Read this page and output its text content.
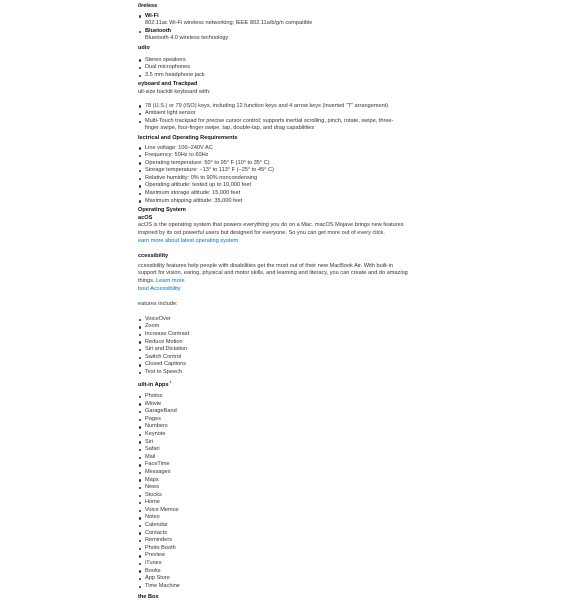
/ireless
Wi-Fi
802.11ac Wi-Fi wireless networking; IEEE 802.11a/b/g/n compatible
Bluetooth
Bluetooth 4.0 wireless technology
udio
Stereo speakers
Dual microphones
3.5 mm headphone jack
eyboard and Trackpad
ull-size backlit keyboard with:
78 (U.S.) or 79 (ISO) keys, including 12 function keys and 4 arrow keys (inverted “T” arrangement)
Ambient light sensor
Multi-Touch trackpad for precise cursor control; supports inertial scrolling, pinch, rotate, swipe, three-finger swipe, four-finger swipe, tap, double-tap, and drag capabilities
lectrical and Operating Requirements
Line voltage: 100–240V AC
Frequency: 50Hz to 60Hz
Operating temperature: 50° to 95° F (10° to 35° C)
Storage temperature: −13° to 113° F (−25° to 45° C)
Relative humidity: 0% to 90% noncondensing
Operating altitude: tested up to 10,000 feet
Maximum storage altitude: 15,000 feet
Maximum shipping altitude: 35,000 feet
Operating System
acOS
acOS is the operating system that powers everything you do on a Mac. macOS Mojave brings new features inspired by its ost powerful users but designed for everyone. So you can get more out of every click.
earn more about latest operating system
ccessibility
ccessibility features help people with disabilities get the most out of their new MacBook Air. With built-in support for vision, earing, physical and motor skills, and learning and literacy, you can create and do amazing things. Learn more
bout Accessibility
eatures include:
VoiceOver
Zoom
Increase Contrast
Reduce Motion
Siri and Dictation
Switch Control
Closed Captions
Text to Speech
uilt-in Apps$^1$
Photos
iMovie
GarageBand
Pages
Numbers
Keynote
Siri
Safari
Mail
FaceTime
Messages
Maps
News
Stocks
Home
Voice Memos
Notes
Calendar
Contacts
Reminders
Photo Booth
Preview
iTunes
Books
App Store
Time Machine
the Box
